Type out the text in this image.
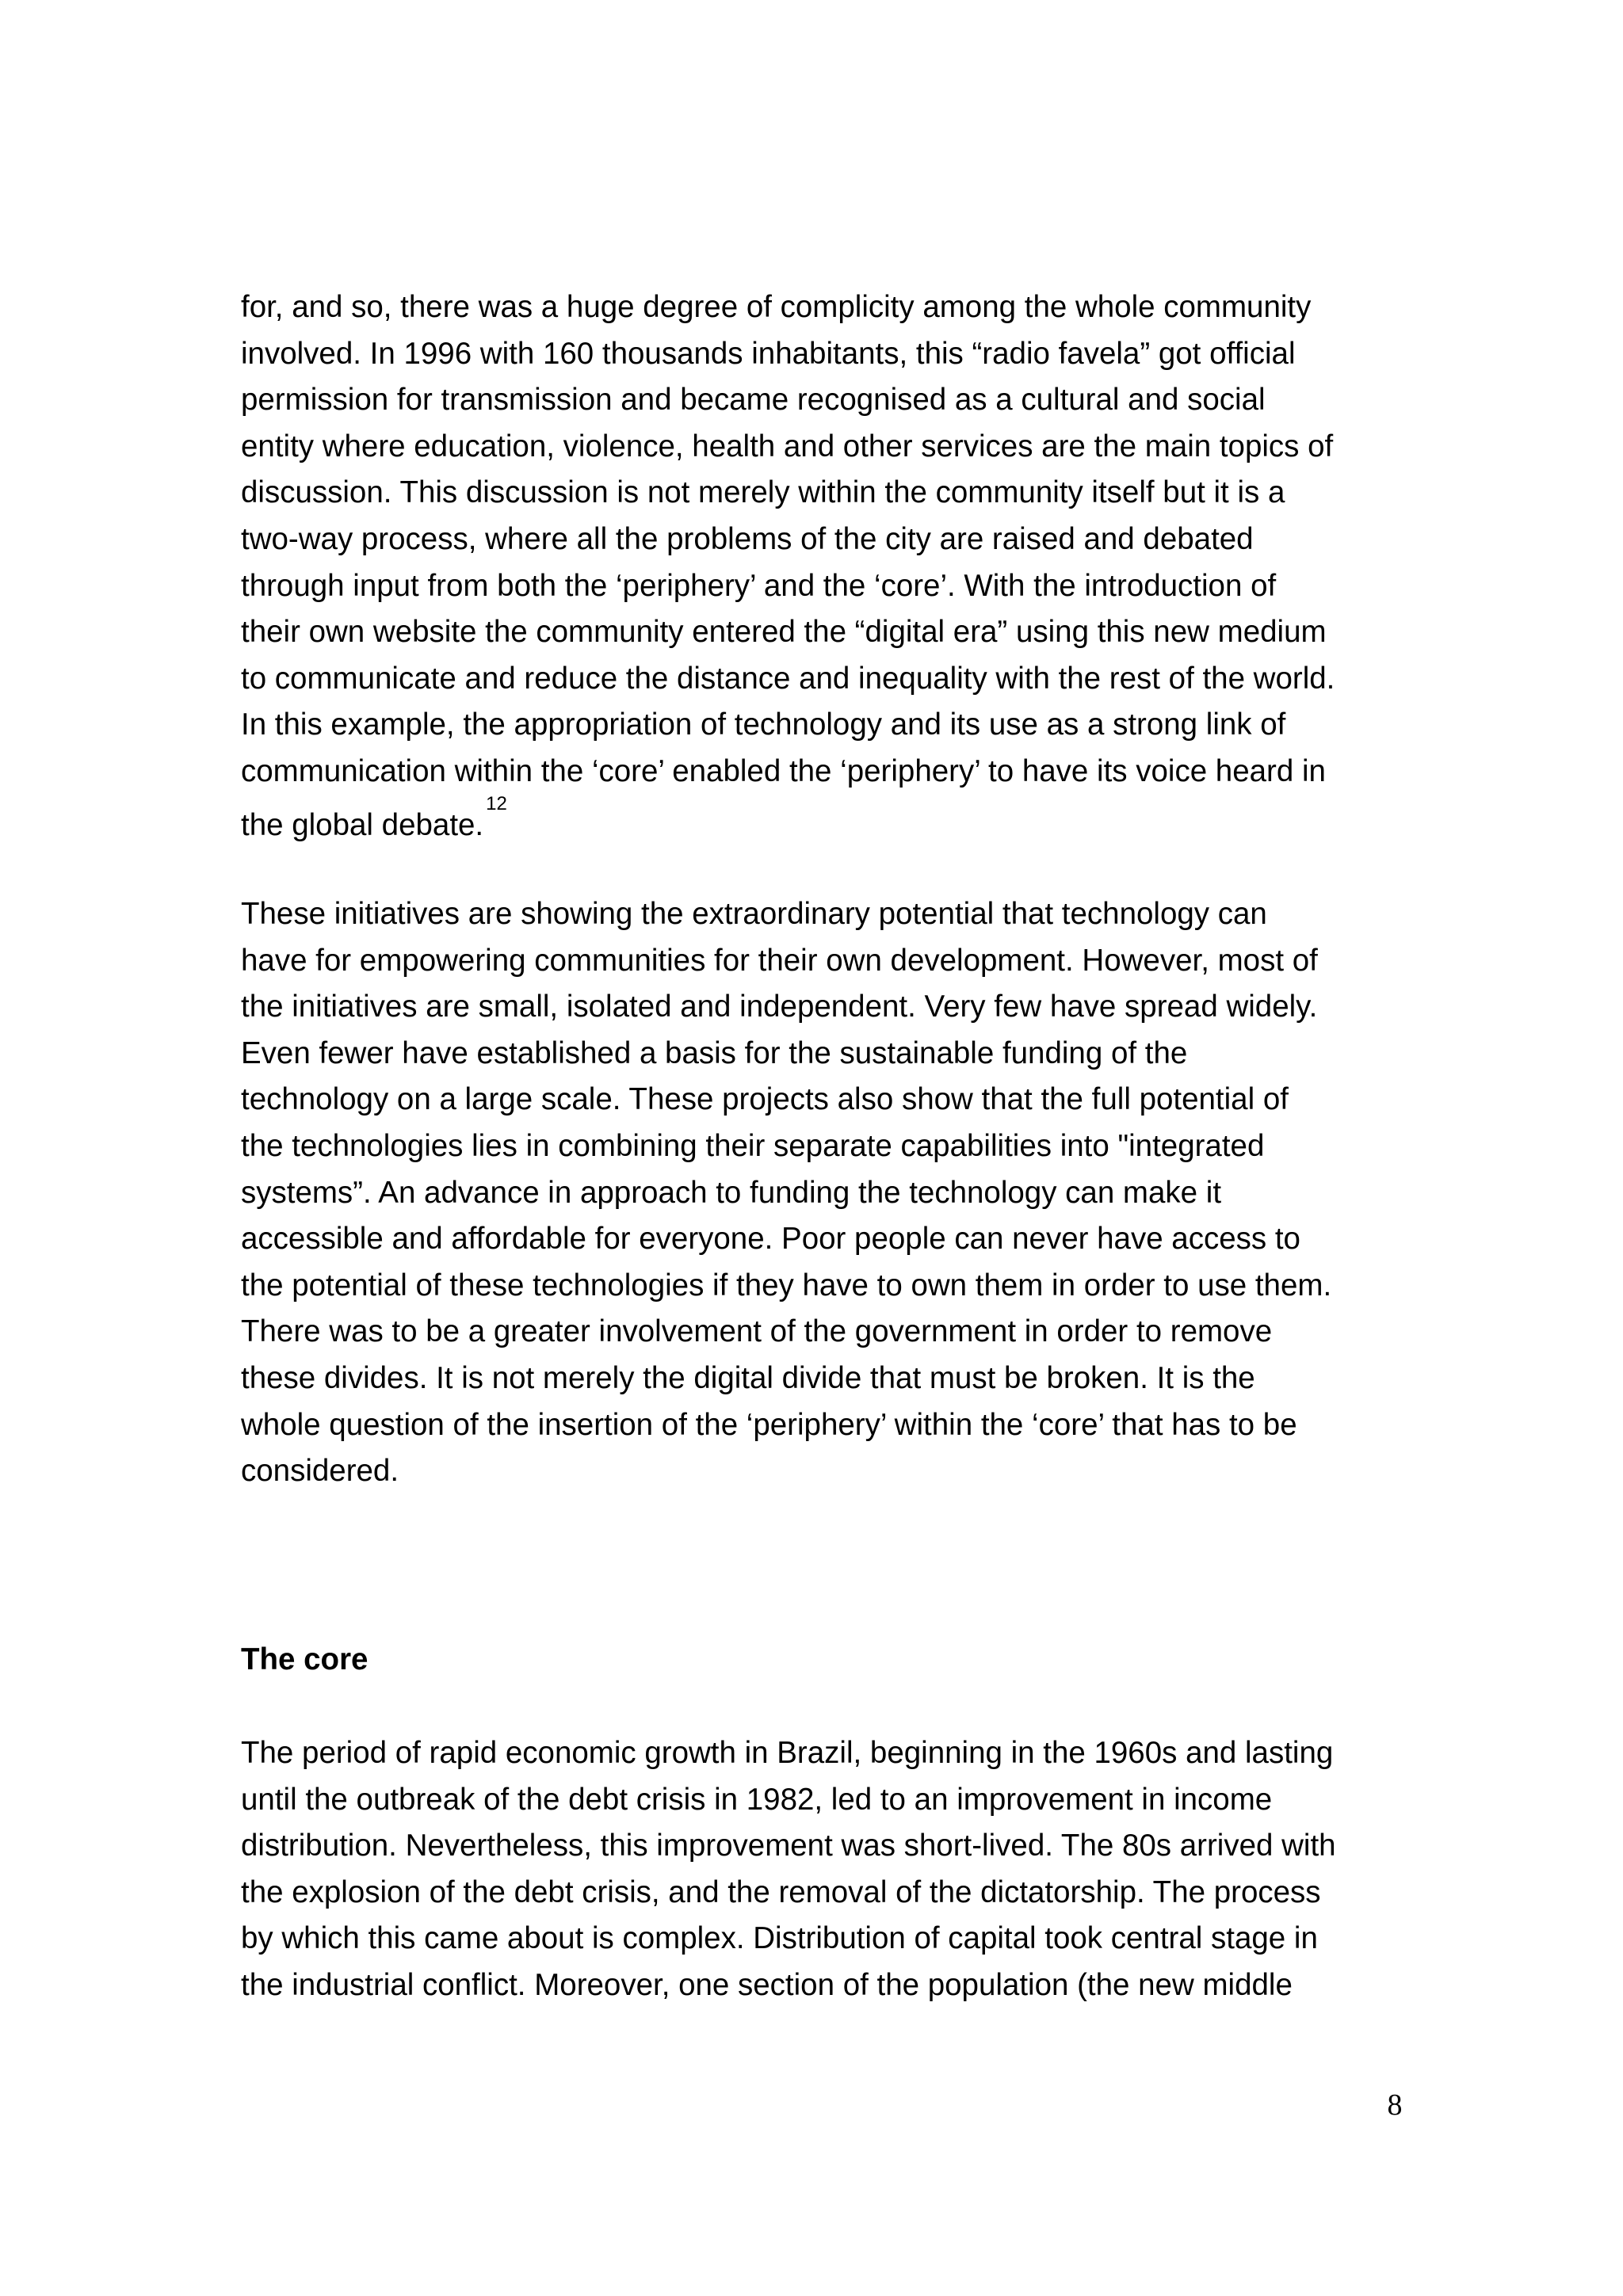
for, and so, there was a huge degree of complicity among the whole community
involved. In 1996 with 160 thousands inhabitants, this “radio favela” got official
permission for transmission and became recognised as a cultural and social
entity where education, violence, health and other services are the main topics of
discussion. This discussion is not merely within the community itself but it is a
two-way process, where all the problems of the city are raised and debated
through input from both the ‘periphery’ and the ‘core’. With the introduction of
their own website the community entered the “digital era” using this new medium
to communicate and reduce the distance and inequality with the rest of the world.
In this example, the appropriation of technology and its use as a strong link of
communication within the ‘core’ enabled the ‘periphery’ to have its voice heard in
the global debate.$^{12}$
These initiatives are showing the extraordinary potential that technology can
have for empowering communities for their own development. However, most of
the initiatives are small, isolated and independent. Very few have spread widely.
Even fewer have established a basis for the sustainable funding of the
technology on a large scale. These projects also show that the full potential of
the technologies lies in combining their separate capabilities into "integrated
systems”. An advance in approach to funding the technology can make it
accessible and affordable for everyone. Poor people can never have access to
the potential of these technologies if they have to own them in order to use them.
There was to be a greater involvement of the government in order to remove
these divides. It is not merely the digital divide that must be broken. It is the
whole question of the insertion of the ‘periphery’ within the ‘core’ that has to be
considered.
The core
The period of rapid economic growth in Brazil, beginning in the 1960s and lasting
until the outbreak of the debt crisis in 1982, led to an improvement in income
distribution. Nevertheless, this improvement was short-lived. The 80s arrived with
the explosion of the debt crisis, and the removal of the dictatorship. The process
by which this came about is complex. Distribution of capital took central stage in
the industrial conflict. Moreover, one section of the population (the new middle
8
